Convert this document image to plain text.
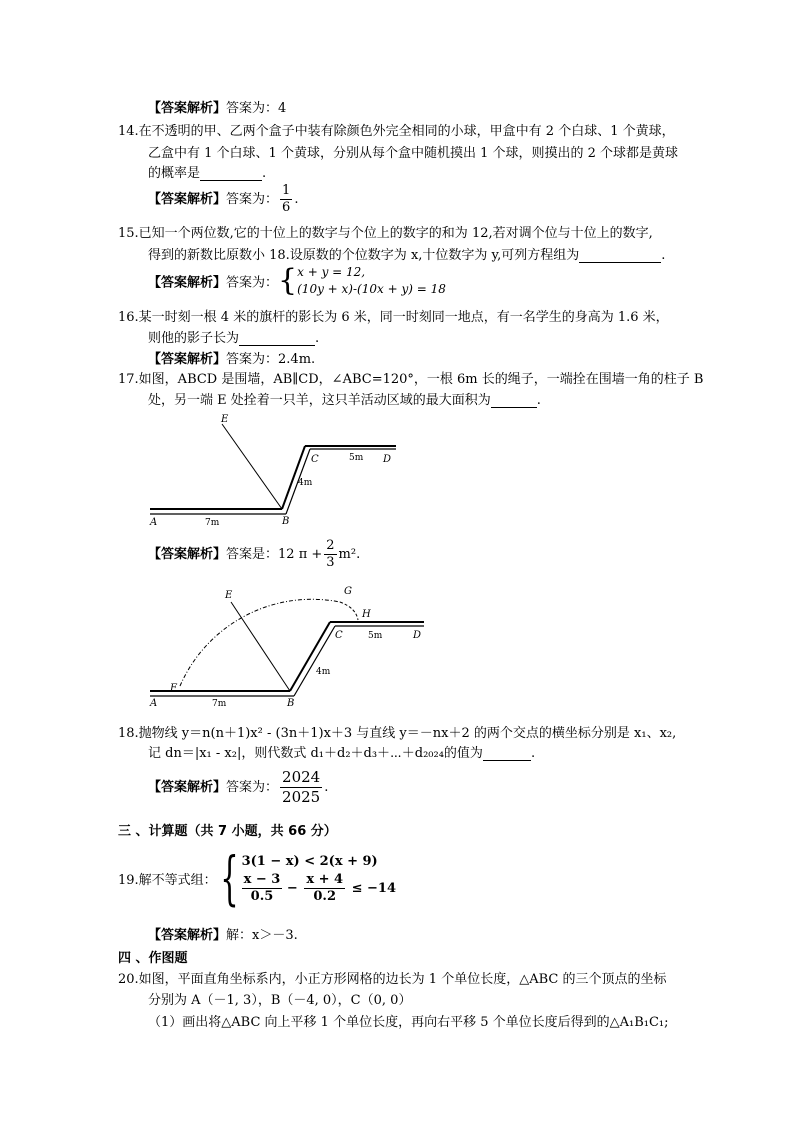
【答案解析】答案为：4
14.在不透明的甲、乙两个盒子中装有除颜色外完全相同的小球，甲盒中有 2 个白球、1 个黄球，
乙盒中有 1 个白球、1 个黄球，分别从每个盒中随机摸出 1 个球，则摸出的 2 个球都是黄球
的概率是	.
【答案解析】答案为： $\frac{1}{6}$ .
15.已知一个两位数,它的十位上的数字与个位上的数字的和为 12,若对调个位与十位上的数字,
得到的新数比原数小 18.设原数的个位数字为 x,十位数字为 y,可列方程组为	.
【答案解析】答案为：{ x + y = 12,
(10y + x)-(10x + y) = 18
16.某一时刻一根 4 米的旗杆的影长为 6 米，同一时刻同一地点，有一名学生的身高为 1.6 米，
则他的影子长为	.
【答案解析】答案为：2.4m.
17.如图，ABCD 是围墙，AB∥CD，∠ABC=120°，一根 6m 长的绳子，一端拴在围墙一角的柱子 B
处，另一端 E 处拴着一只羊，这只羊活动区域的最大面积为	.
A	B
C	D
E
7m
4m
5m
【答案解析】答案是：12 $\pi + \frac{2}{3} m^2$.
F
A	B
C	D
E	G
H
7m
4m
5m
18.抛物线 y＝n(n＋1)x² - (3n＋1)x＋3 与直线 y＝－nx＋2 的两个交点的横坐标分别是 x₁、x₂,
记 dn＝|x₁ - x₂|，则代数式 d₁＋d₂＋d₃＋⋯＋d₂₀₂₄的值为	.
【答案解析】答案为： $\frac{2024}{2025}$ .
三 、计算题（共 7 小题，共 66 分）
19.解不等式组：{ 3(1 − x) < 2(x + 9)
$\frac{x - 3}{0.5} - \frac{x + 4}{0.2} \le -14$
【答案解析】解：x＞－3.
四 、作图题
20.如图，平面直角坐标系内，小正方形网格的边长为 1 个单位长度，△ABC 的三个顶点的坐标
分别为 A（－1, 3），B（－4, 0），C（0, 0）
（1）画出将△ABC 向上平移 1 个单位长度，再向右平移 5 个单位长度后得到的△A₁B₁C₁;
